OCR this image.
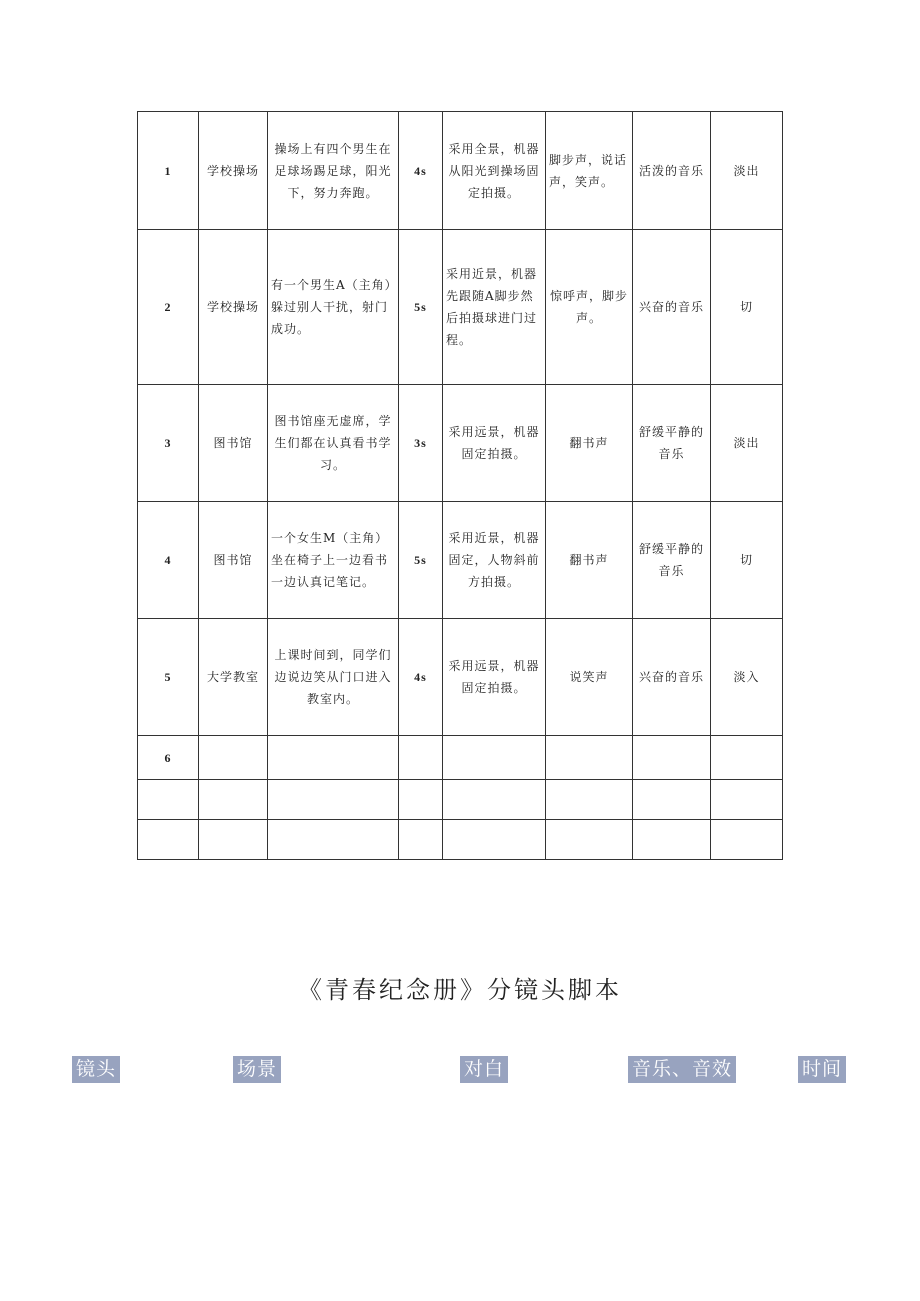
1	学校操场	操场上有四个男生在足球场踢足球，阳光下，努力奔跑。	4s	采用全景，机器从阳光到操场固定拍摄。	脚步声，说话声，笑声。	活泼的音乐	淡出
2	学校操场	有一个男生A（主角）躲过别人干扰，射门成功。	5s	采用近景，机器先跟随A脚步然后拍摄球进门过程。	惊呼声，脚步声。	兴奋的音乐	切
3	图书馆	图书馆座无虚席，学生们都在认真看书学习。	3s	采用远景，机器固定拍摄。	翻书声	舒缓平静的音乐	淡出
4	图书馆	一个女生M（主角）坐在椅子上一边看书一边认真记笔记。	5s	采用近景，机器固定，人物斜前方拍摄。	翻书声	舒缓平静的音乐	切
5	大学教室	上课时间到，同学们边说边笑从门口进入教室内。	4s	采用远景，机器固定拍摄。	说笑声	兴奋的音乐	淡入
6							

《青春纪念册》分镜头脚本
镜头	场景	对白	音乐、音效	时间
